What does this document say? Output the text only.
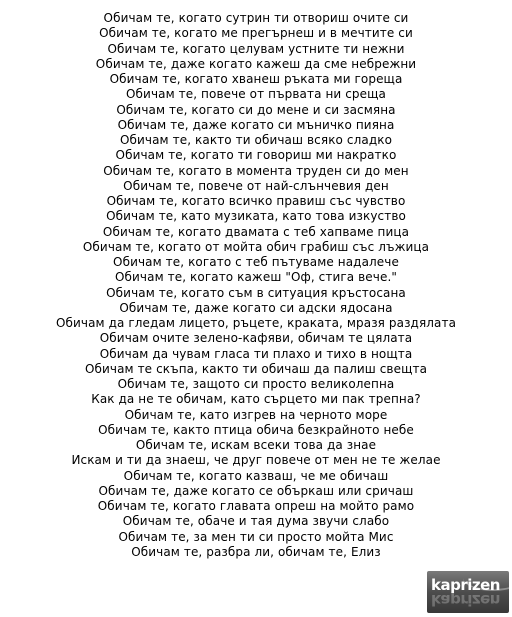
Обичам те, когато сутрин ти отвориш очите си
Обичам те, когато ме прегърнеш и в мечтите си
Обичам те, когато целувам устните ти нежни
Обичам те, даже когато кажеш да сме небрежни
Обичам те, когато хванеш ръката ми гореща
Обичам те, повече от първата ни среща
Обичам те, когато си до мене и си засмяна
Обичам те, даже когато си мъничко пияна
Обичам те, както ти обичаш всяко сладко
Обичам те, когато ти говориш ми накратко
Обичам те, когато в момента труден си до мен
Обичам те, повече от най-слънчевия ден
Обичам те, когато всичко правиш със чувство
Обичам те, като музиката, като това изкуство
Обичам те, когато двамата с теб хапваме пица
Обичам те, когато от мойта обич грабиш със лъжица
Обичам те, когато с теб пътуваме надалече
Обичам те, когато кажеш "Оф, стига вече."
Обичам те, когато съм в ситуация кръстосана
Обичам те, даже когато си адски ядосана
Обичам да гледам лицето, ръцете, краката, мразя раздялата
Обичам очите зелено-кафяви, обичам те цялата
Обичам да чувам гласа ти плахо и тихо в нощта
Обичам те скъпа, както ти обичаш да палиш свещта
Обичам те, защото си просто великолепна
Как да не те обичам, като сърцето ми пак трепна?
Обичам те, като изгрев на черното море
Обичам те, както птица обича безкрайното небе
Обичам те, искам всеки това да знае
Искам и ти да знаеш, че друг повече от мен не те желае
Обичам те, когато казваш, че ме обичаш
Обичам те, даже когато се объркаш или сричаш
Обичам те, когато главата опреш на мойто рамо
Обичам те, обаче и тая дума звучи слабо
Обичам те, за мен ти си просто мойта Мис
Обичам те, разбра ли, обичам те, Елиз
kaprizen
kaprizen
